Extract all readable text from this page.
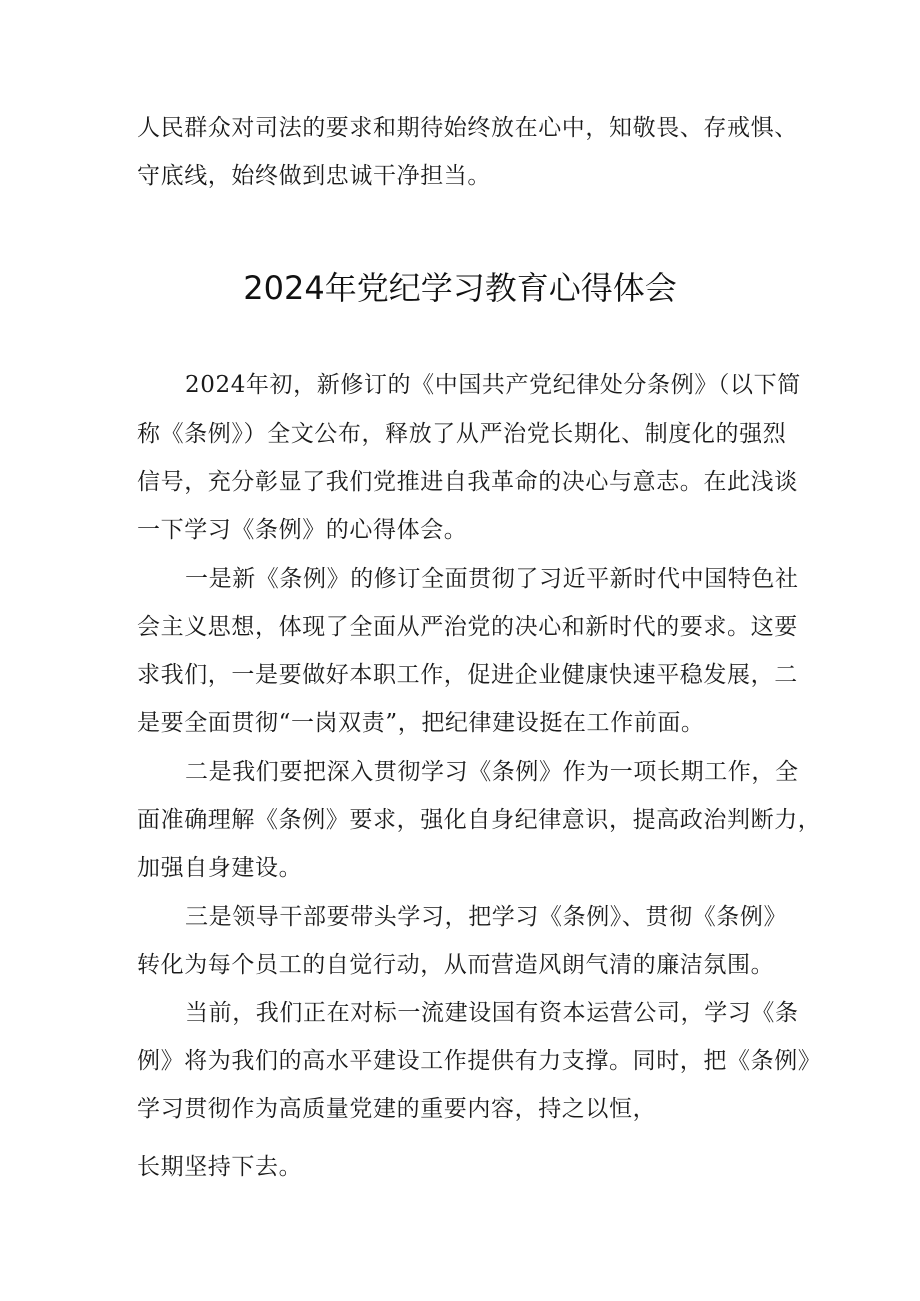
人民群众对司法的要求和期待始终放在心中，知敬畏、存戒惧、

守底线，始终做到忠诚干净担当。

2024年党纪学习教育心得体会

2024年初，新修订的《中国共产党纪律处分条例》（以下简

称《条例》）全文公布，释放了从严治党长期化、制度化的强烈

信号，充分彰显了我们党推进自我革命的决心与意志。在此浅谈

一下学习《条例》的心得体会。

一是新《条例》的修订全面贯彻了习近平新时代中国特色社

会主义思想，体现了全面从严治党的决心和新时代的要求。这要

求我们，一是要做好本职工作，促进企业健康快速平稳发展，二

是要全面贯彻“一岗双责”，把纪律建设挺在工作前面。

二是我们要把深入贯彻学习《条例》作为一项长期工作，全

面准确理解《条例》要求，强化自身纪律意识，提高政治判断力，

加强自身建设。

三是领导干部要带头学习，把学习《条例》、贯彻《条例》

转化为每个员工的自觉行动，从而营造风朗气清的廉洁氛围。

当前，我们正在对标一流建设国有资本运营公司，学习《条

例》将为我们的高水平建设工作提供有力支撑。同时，把《条例》

学习贯彻作为高质量党建的重要内容，持之以恒，

长期坚持下去。
